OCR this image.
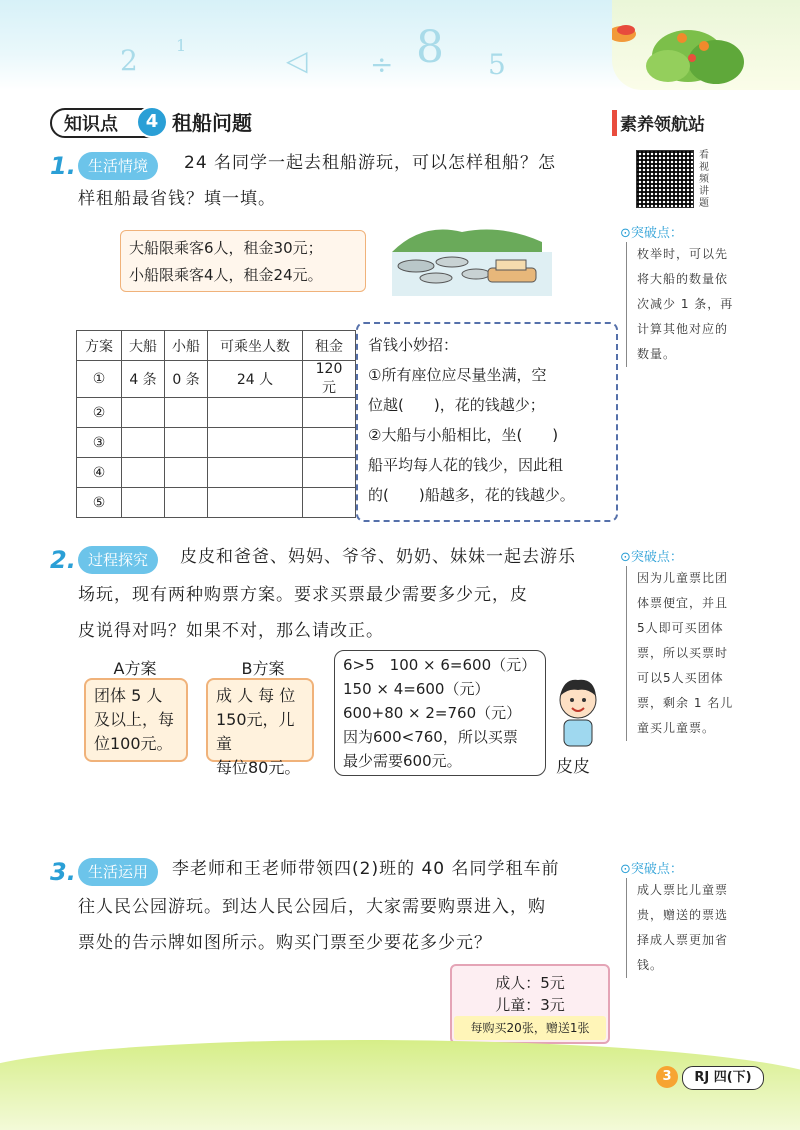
2 1	◁ ÷ 8 5
知识点	4 租船问题	素养领航站
看视频讲题
1. 生活情境	24 名同学一起去租船游玩，可以怎样租船？怎
样租船最省钱？填一填。
大船限乘客6人，租金30元；
小船限乘客4人，租金24元。
方案	大船	小船	可乘坐人数	租金
①	4 条	0 条	24 人	120 元
②				
③				
④				
⑤				
省钱小妙招：
①所有座位应尽量坐满，空
位越(　　)，花的钱越少；
②大船与小船相比，坐(　　)
船平均每人花的钱少，因此租
的(　　)船越多，花的钱越少。
⊙突破点：
枚举时，可以先
将大船的数量依
次减少 1 条，再
计算其他对应的
数量。
2. 过程探究	皮皮和爸爸、妈妈、爷爷、奶奶、妹妹一起去游乐
场玩，现有两种购票方案。要求买票最少需要多少元，皮
皮说得对吗？如果不对，那么请改正。
A方案
团体 5 人
及以上，每
位100元。
B方案
成 人 每 位
150元，儿童
每位80元。
6>5　100 × 6=600（元）
150 × 4=600（元）
600+80 × 2=760（元）
因为600<760，所以买票
最少需要600元。	皮皮
⊙突破点：
因为儿童票比团
体票便宜，并且
5人即可买团体
票，所以买票时
可以5人买团体
票，剩余 1 名儿
童买儿童票。
3. 生活运用	李老师和王老师带领四(2)班的 40 名同学租车前
往人民公园游玩。到达人民公园后，大家需要购票进入，购
票处的告示牌如图所示。购买门票至少要花多少元？
成人：5元
儿童：3元
每购买20张，赠送1张
⊙突破点：
成人票比儿童票
贵，赠送的票选
择成人票更加省
钱。
3	RJ 四(下)
